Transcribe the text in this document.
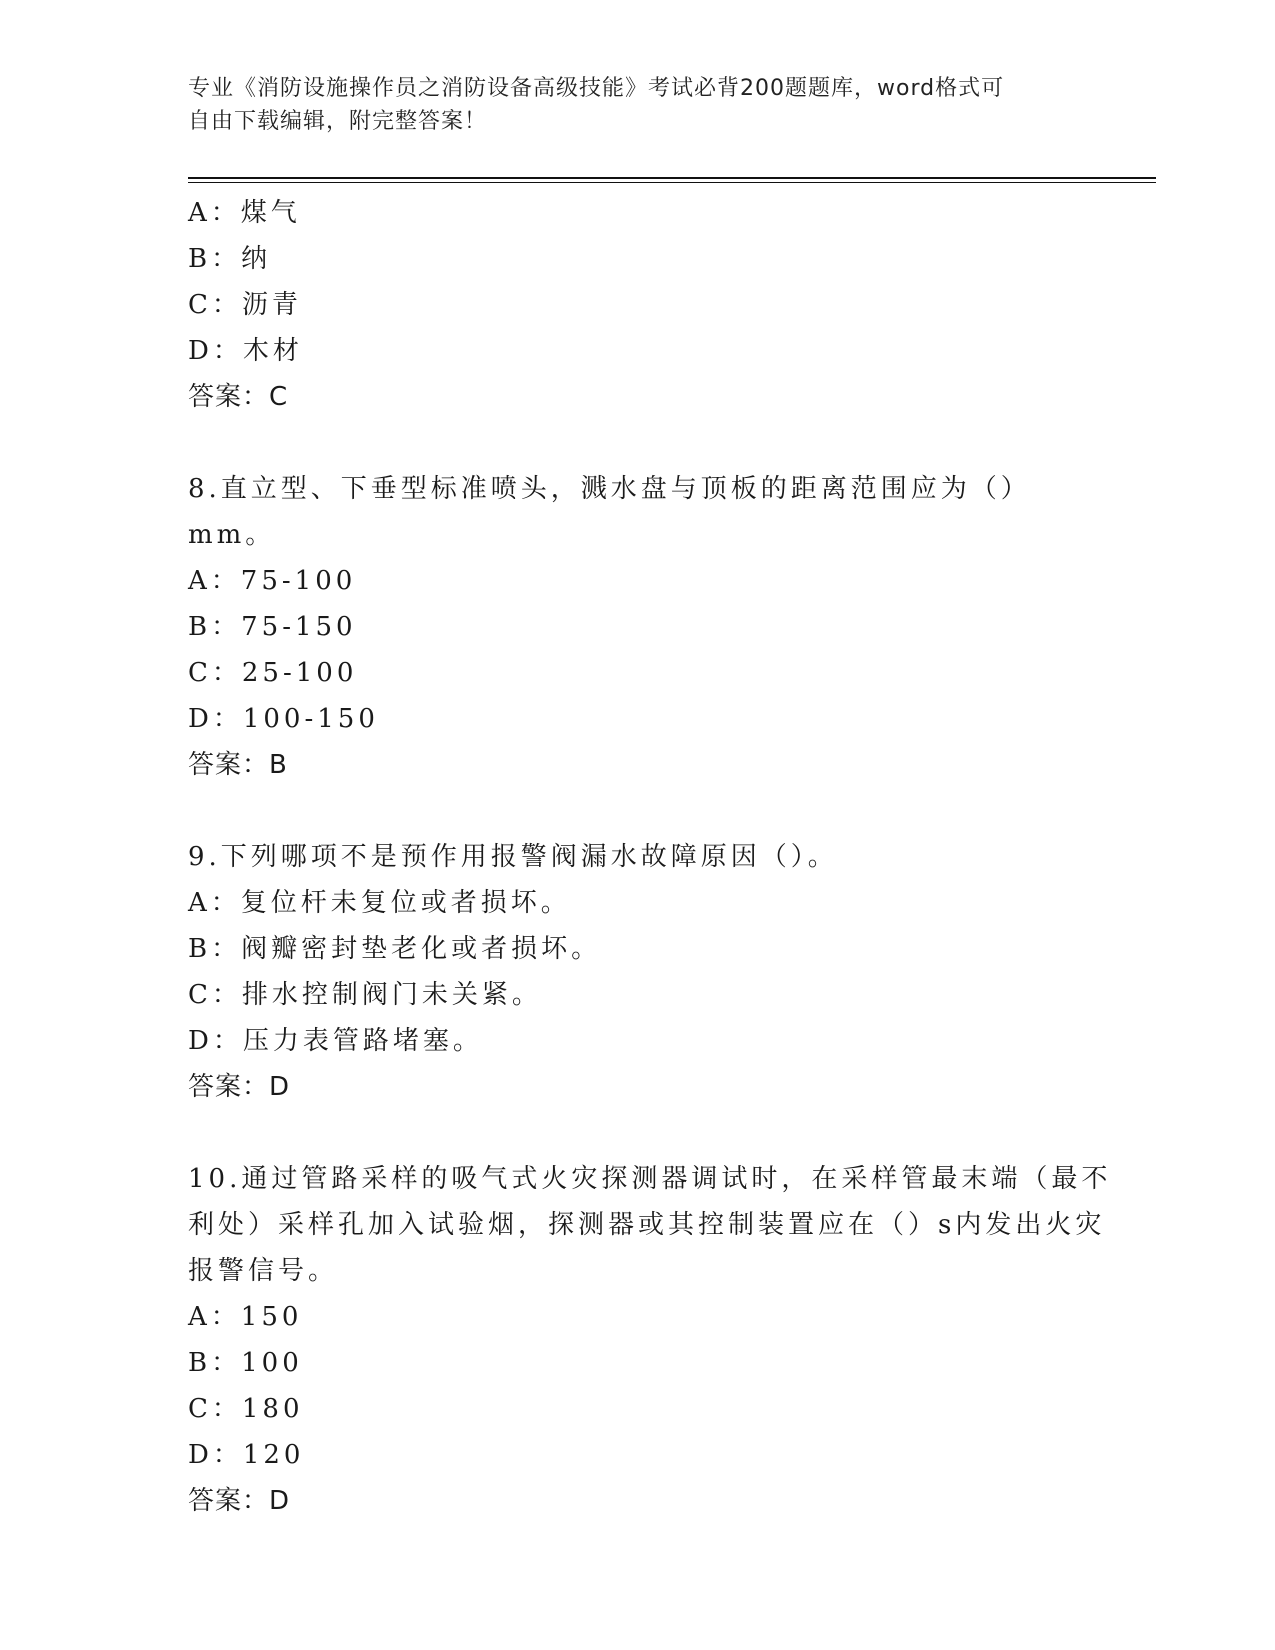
专业《消防设施操作员之消防设备高级技能》考试必背200题题库，word格式可
自由下载编辑，附完整答案！
A：煤气
B：纳
C：沥青
D：木材
答案：C
8.直立型、下垂型标准喷头，溅水盘与顶板的距离范围应为（）mm。
A：75-100
B：75-150
C：25-100
D：100-150
答案：B
9.下列哪项不是预作用报警阀漏水故障原因（）。
A：复位杆未复位或者损坏。
B：阀瓣密封垫老化或者损坏。
C：排水控制阀门未关紧。
D：压力表管路堵塞。
答案：D
10.通过管路采样的吸气式火灾探测器调试时，在采样管最末端（最不
利处）采样孔加入试验烟，探测器或其控制装置应在（）s内发出火灾
报警信号。
A：150
B：100
C：180
D：120
答案：D
